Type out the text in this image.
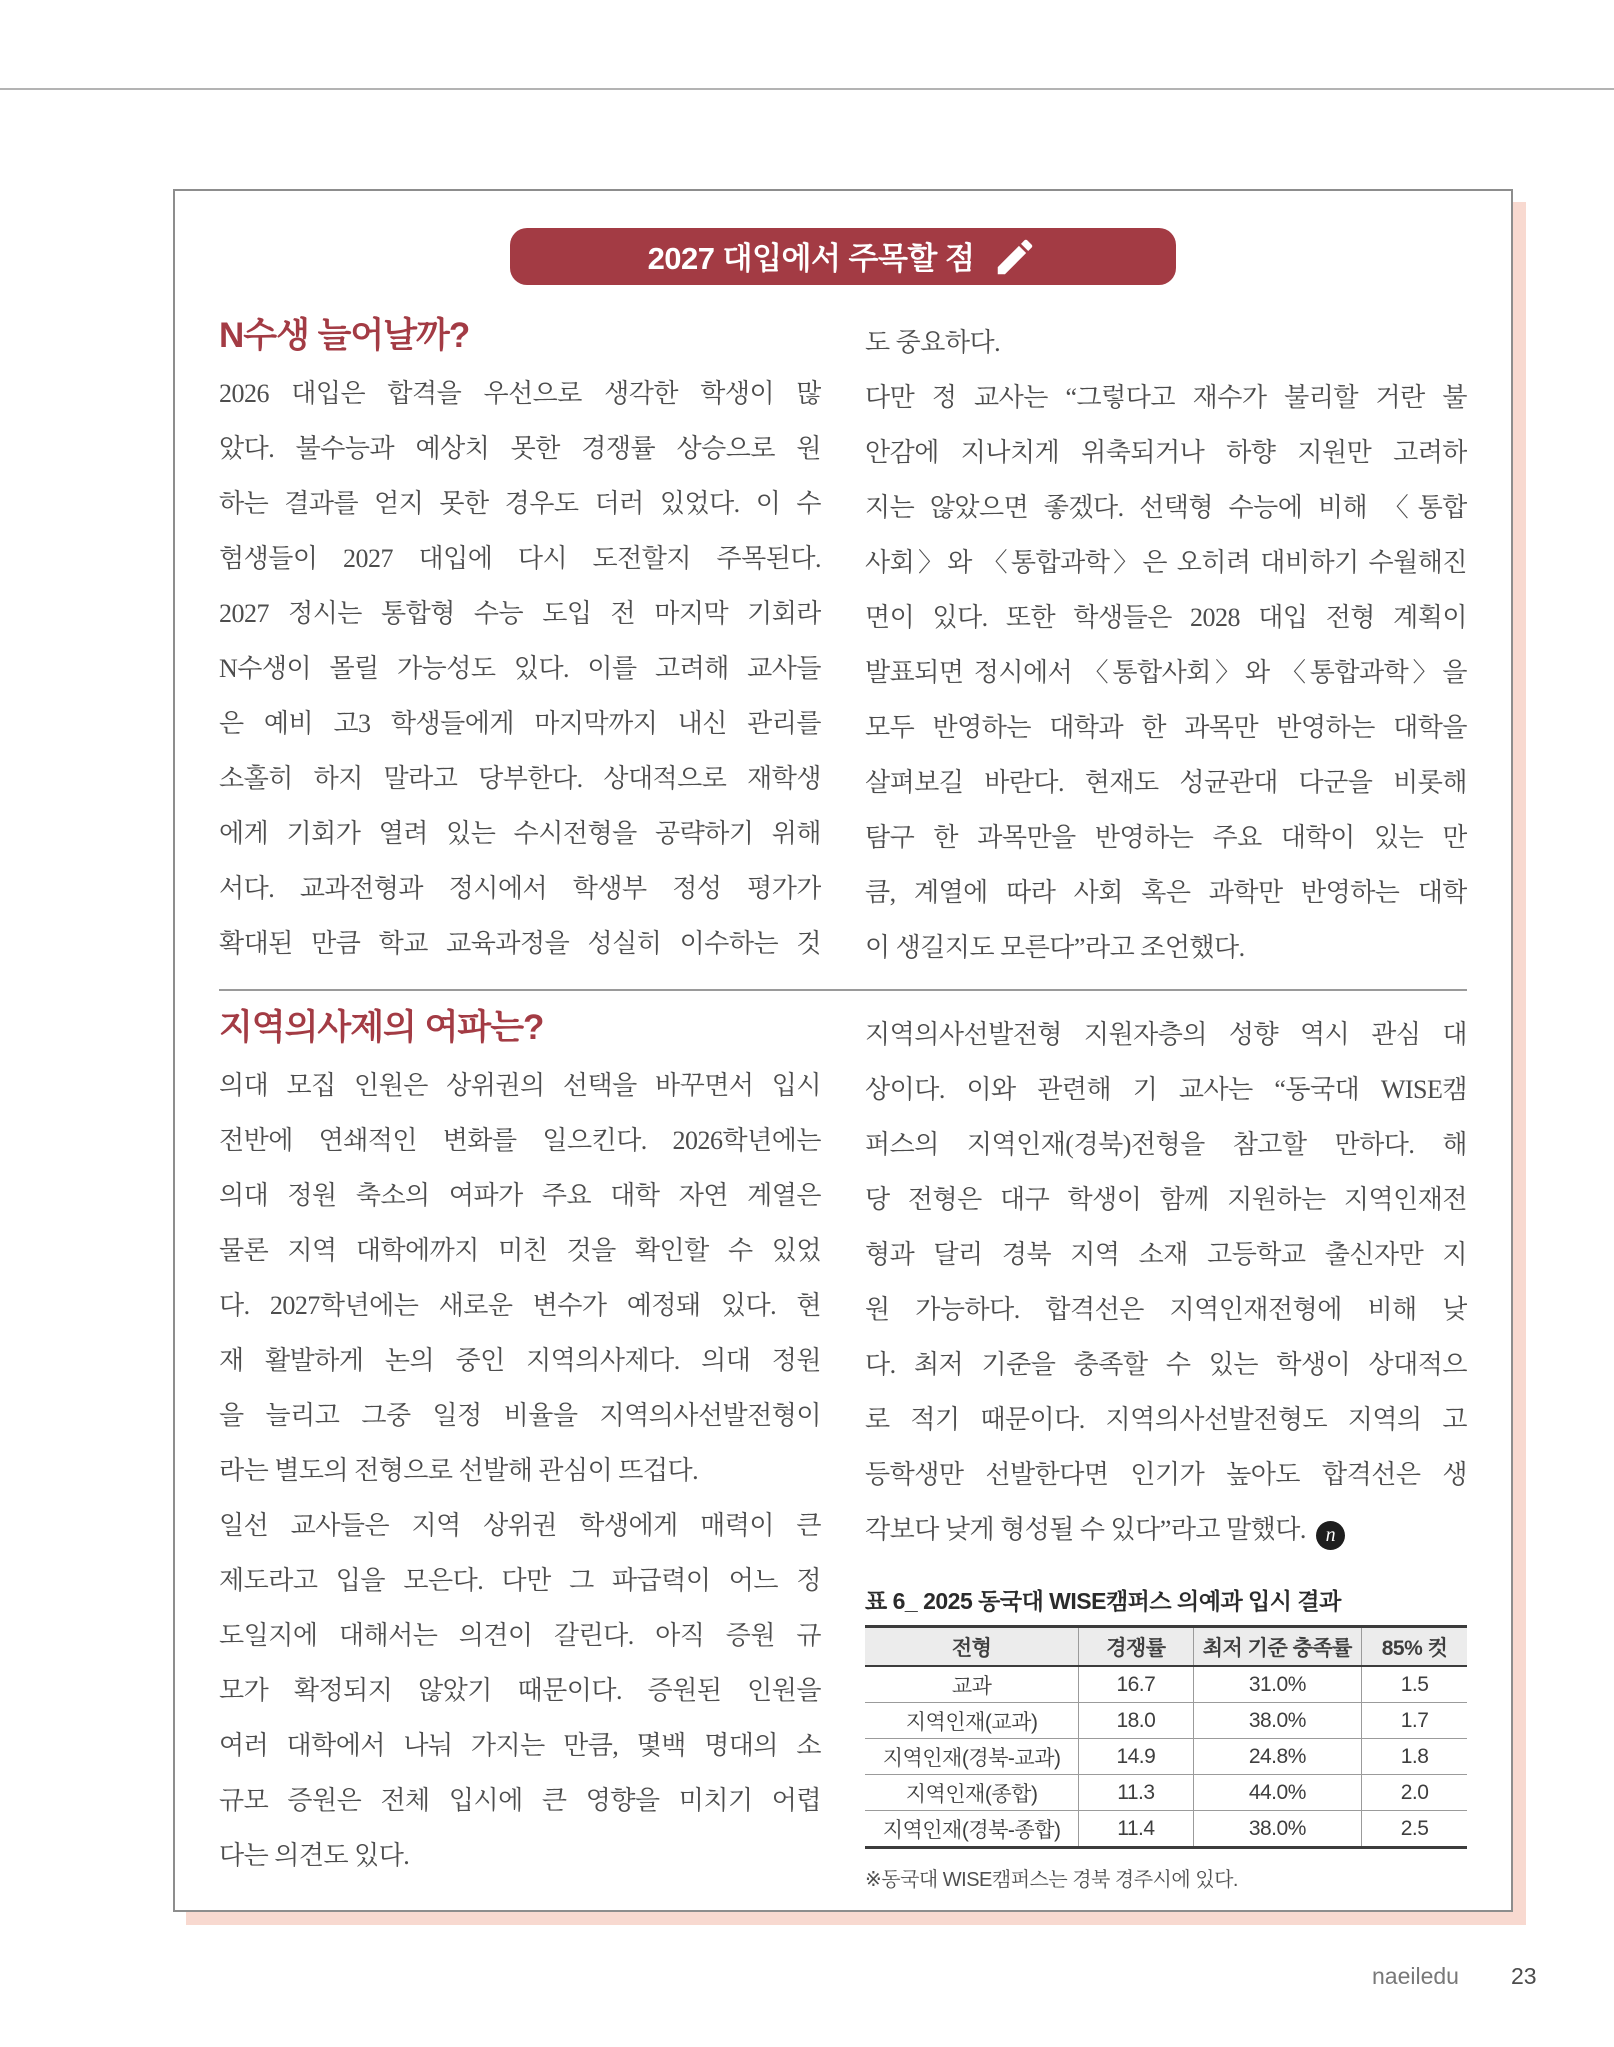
2027 대입에서 주목할 점
N수생 늘어날까?
2026 대입은 합격을 우선으로 생각한 학생이 많
았다. 불수능과 예상치 못한 경쟁률 상승으로 원
하는 결과를 얻지 못한 경우도 더러 있었다. 이 수
험생들이 2027 대입에 다시 도전할지 주목된다.
2027 정시는 통합형 수능 도입 전 마지막 기회라
N수생이 몰릴 가능성도 있다. 이를 고려해 교사들
은 예비 고3 학생들에게 마지막까지 내신 관리를
소홀히 하지 말라고 당부한다. 상대적으로 재학생
에게 기회가 열려 있는 수시전형을 공략하기 위해
서다. 교과전형과 정시에서 학생부 정성 평가가
확대된 만큼 학교 교육과정을 성실히 이수하는 것
도 중요하다.
다만 정 교사는 “그렇다고 재수가 불리할 거란 불
안감에 지나치게 위축되거나 하향 지원만 고려하
지는 않았으면 좋겠다. 선택형 수능에 비해 〈통합
사회〉와 〈통합과학〉은 오히려 대비하기 수월해진
면이 있다. 또한 학생들은 2028 대입 전형 계획이
발표되면 정시에서 〈통합사회〉와 〈통합과학〉을
모두 반영하는 대학과 한 과목만 반영하는 대학을
살펴보길 바란다. 현재도 성균관대 다군을 비롯해
탐구 한 과목만을 반영하는 주요 대학이 있는 만
큼, 계열에 따라 사회 혹은 과학만 반영하는 대학
이 생길지도 모른다”라고 조언했다.
지역의사제의 여파는?
의대 모집 인원은 상위권의 선택을 바꾸면서 입시
전반에 연쇄적인 변화를 일으킨다. 2026학년에는
의대 정원 축소의 여파가 주요 대학 자연 계열은
물론 지역 대학에까지 미친 것을 확인할 수 있었
다. 2027학년에는 새로운 변수가 예정돼 있다. 현
재 활발하게 논의 중인 지역의사제다. 의대 정원
을 늘리고 그중 일정 비율을 지역의사선발전형이
라는 별도의 전형으로 선발해 관심이 뜨겁다.
일선 교사들은 지역 상위권 학생에게 매력이 큰
제도라고 입을 모은다. 다만 그 파급력이 어느 정
도일지에 대해서는 의견이 갈린다. 아직 증원 규
모가 확정되지 않았기 때문이다. 증원된 인원을
여러 대학에서 나눠 가지는 만큼, 몇백 명대의 소
규모 증원은 전체 입시에 큰 영향을 미치기 어렵
다는 의견도 있다.
지역의사선발전형 지원자층의 성향 역시 관심 대
상이다. 이와 관련해 기 교사는 “동국대 WISE캠
퍼스의 지역인재(경북)전형을 참고할 만하다. 해
당 전형은 대구 학생이 함께 지원하는 지역인재전
형과 달리 경북 지역 소재 고등학교 출신자만 지
원 가능하다. 합격선은 지역인재전형에 비해 낮
다. 최저 기준을 충족할 수 있는 학생이 상대적으
로 적기 때문이다. 지역의사선발전형도 지역의 고
등학생만 선발한다면 인기가 높아도 합격선은 생
각보다 낮게 형성될 수 있다”라고 말했다. n
표 6_ 2025 동국대 WISE캠퍼스 의예과 입시 결과
전형	경쟁률	최저 기준 충족률	85% 컷
교과	16.7	31.0%	1.5
지역인재(교과)	18.0	38.0%	1.7
지역인재(경북-교과)	14.9	24.8%	1.8
지역인재(종합)	11.3	44.0%	2.0
지역인재(경북-종합)	11.4	38.0%	2.5
※동국대 WISE캠퍼스는 경북 경주시에 있다.
naeiledu 23
